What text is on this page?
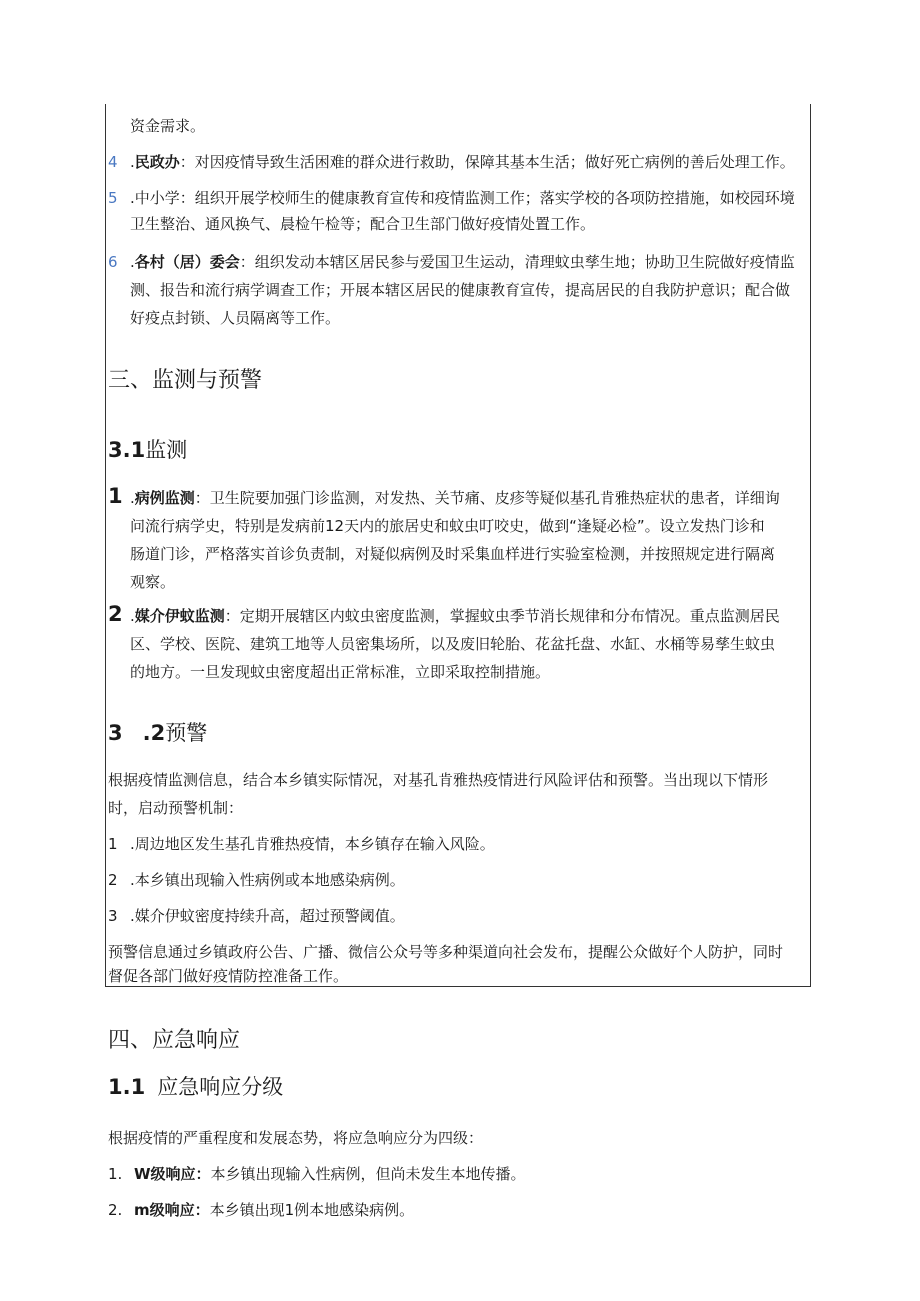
资金需求。
4 .民政办：对因疫情导致生活困难的群众进行救助，保障其基本生活；做好死亡病例的善后处理工作。
5 .中小学：组织开展学校师生的健康教育宣传和疫情监测工作；落实学校的各项防控措施，如校园环境
卫生整治、通风换气、晨检午检等；配合卫生部门做好疫情处置工作。
6 .各村（居）委会：组织发动本辖区居民参与爱国卫生运动，清理蚊虫孳生地；协助卫生院做好疫情监
测、报告和流行病学调查工作；开展本辖区居民的健康教育宣传，提高居民的自我防护意识；配合做
好疫点封锁、人员隔离等工作。
三、监测与预警
3.1监测
1 .病例监测：卫生院要加强门诊监测，对发热、关节痛、皮疹等疑似基孔肯雅热症状的患者，详细询
问流行病学史，特别是发病前12天内的旅居史和蚊虫叮咬史，做到“逢疑必检”。设立发热门诊和
肠道门诊，严格落实首诊负责制，对疑似病例及时采集血样进行实验室检测，并按照规定进行隔离
观察。
2 .媒介伊蚊监测：定期开展辖区内蚊虫密度监测，掌握蚊虫季节消长规律和分布情况。重点监测居民
区、学校、医院、建筑工地等人员密集场所，以及废旧轮胎、花盆托盘、水缸、水桶等易孳生蚊虫
的地方。一旦发现蚊虫密度超出正常标准，立即采取控制措施。
3 .2预警
根据疫情监测信息，结合本乡镇实际情况，对基孔肯雅热疫情进行风险评估和预警。当出现以下情形
时，启动预警机制：
1 .周边地区发生基孔肯雅热疫情，本乡镇存在输入风险。
2 .本乡镇出现输入性病例或本地感染病例。
3 .媒介伊蚊密度持续升高，超过预警阈值。
预警信息通过乡镇政府公告、广播、微信公众号等多种渠道向社会发布，提醒公众做好个人防护，同时
督促各部门做好疫情防控准备工作。
四、应急响应
1.1 应急响应分级
根据疫情的严重程度和发展态势，将应急响应分为四级：
1. W级响应：本乡镇出现输入性病例，但尚未发生本地传播。
2. m级响应：本乡镇出现1例本地感染病例。
